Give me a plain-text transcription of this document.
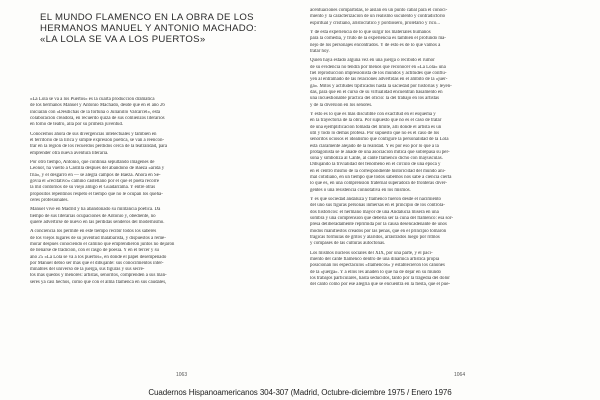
EL MUNDO FLAMENCO EN LA OBRA DE LOS
HERMANOS MANUEL Y ANTONIO MACHADO:
«LA LOLA SE VA A LOS PUERTOS»
«La Lola se va a los Puertos» es la cuarta producción dramática
de los hermanos Manuel y Antonio Machado, desde que en el año 26
iniciaran con «Desdichas de la fortuna o Julianillo Valcárcel», esta
colaboración creadora, en recuerdo quizá de sus comienzos literarios
en torno de teatro, allá por su primera juventud.
Conocemos ahora de sus divergencias intelectuales y también en
el territorio de la lírica y simple expresión poética, se van a reencon-
trar en la región de los recuerdos perdidos cerca de la teatralidad, para
emprender otra nueva aventura literaria.
Por otro tiempo, Antonio, que continúa sepultando imágenes de
Leonor, ha vuelto a Castilla después del abandono de Baeza «árida y
fría», y el desgarro en — se alegra campos de Baeza. Ahora en Se-
govia el «recitativo» camino castellano por el que el poeta recorre
la mil contornos de su viejo amigo el Guadarrama. Y entre otras
propósitos repentinos respetó el tiempo que no le ocupan los queha-
ceres profesionales.
Manuel vive en Madrid y ha abandonado su militancia poética. Da
tiempo de sus literarias ocupaciones de Antonio y, obediente, no
quiere advertirse de nuevo en las perdidas senderos del modernismo.
A conciencia los permite en este tiempo recibir todos los saberes
de los viejos lugares de su juventud malabarista, y dispuestos a reme-
morar después conociendo el camino que emprendieron juntos no dejaron
de llenarse de tradición, con el rasgo de poesía. Y en el tercer y su
año 25 «La Lola se va a los puertos», en donde el papel desempeñado
por Manuel debió ser más que el dibujante: sus conocimientos inter-
minables del universo de la juerga, sus figuras y sus secre-
tos más quedos y menores: artistas, señoritos, comprenden a sus man-
seres ya casi hechos, como que con el alma flamenca en sus caudales,
acentuaciones compartidas, le aislan en un punto cabal para el conoci-
miento y la caracterización de un realismo suculento y contradictorio
espiritual y cristiano, aristocrático y pordiosero, proletario y rico...
Y de esta experiencia de lo que surgir los materiales humanos
para la comedia, y fruto de la experiencia es también el profundo ma-
nejo de los personajes encontrados. Y de esto es de lo que vamos a
tratar hoy.
Quien haya estado alguna vez en una juerga o recibido el rumor
de su evidencia no tendrá por menos que reconocer en «La Lola» una
fiel reproducción impresionista de los mundos y actitudes que conflu-
yen al entramado de las relaciones advertidas en el ámbito de la «juer-
ga». Mitos y actitudes tipificados hasta la saciedad por historias y leyen-
das, para que en el curso de su virtualidad encuentran basamento en
una incuestionable práctica del oficio: la del trabajo en los artistas
y de la diversión en los señores.
Y esto es lo que es más discutible con exactitud en el esquema y
en la trayectoria de la obra. Por supuesto que no es el caso de tratar
de una ejemplificación tomada del límite, allí donde el artista es un
útil y todo lo demás profesa. Por supuesto que no es el caso de los
señoritos ociosos el idealismo que configure la personalidad de la Lola
está claramente alejado de la realidad. Y es por eso por lo que a la
protagonista se le añade de una asociación mítica que sobrepasa su per-
sona y simboliza al Cante, al cante flamenco dicho con mayúsculas.
Dibujando la trivialidad del fenómeno en el círculo de una época y
en el centro mismo de la correspondiente historicidad del mundo ani-
mal cotidiano, en un tiempo que todos sabemos nos sabe a ciencia cierta
lo que es, en una comprensión fraternal superadora de fronteras diver-
gentes o una resistencia connotativa en los mismos.
Y es que sociedad andaluza y flamenco fueron desde el nacimiento
del uno sus figuras personas inmersas en el principio de los controla-
dos históricos: el hermano mayor de una Andalucía mísera en una
sombra y una comprensión que debería ser la cuna del flamenco: esa sor-
presa deliberadamente reprimida por la causa desencadenante de unos
modos manifiestos creados por las penas, que en el principio tomaron
trágicas formulas de gritos y alaridos, arrastrados luego por ritmos
y compases de las culturas autóctonas.
Los mismos núcleos sociales del XIX, por una parte, y el paci-
miento del cante flamenco dentro de una dinámica artística propia
posicionan los espectáculos «flamencos» y establecieron los cánones
de la «juerga». Y a ellos les añaden lo que ha de dejar en su mundo
los trabajos particulares, hasta seducidos, tanto por la tragedia del dolor
del canto como por ese alegría que se encuentra en la fiesta, que el pue-
1063	1064
Cuadernos Hispanoamericanos 304-307 (Madrid, Octubre-diciembre 1975 / Enero 1976
